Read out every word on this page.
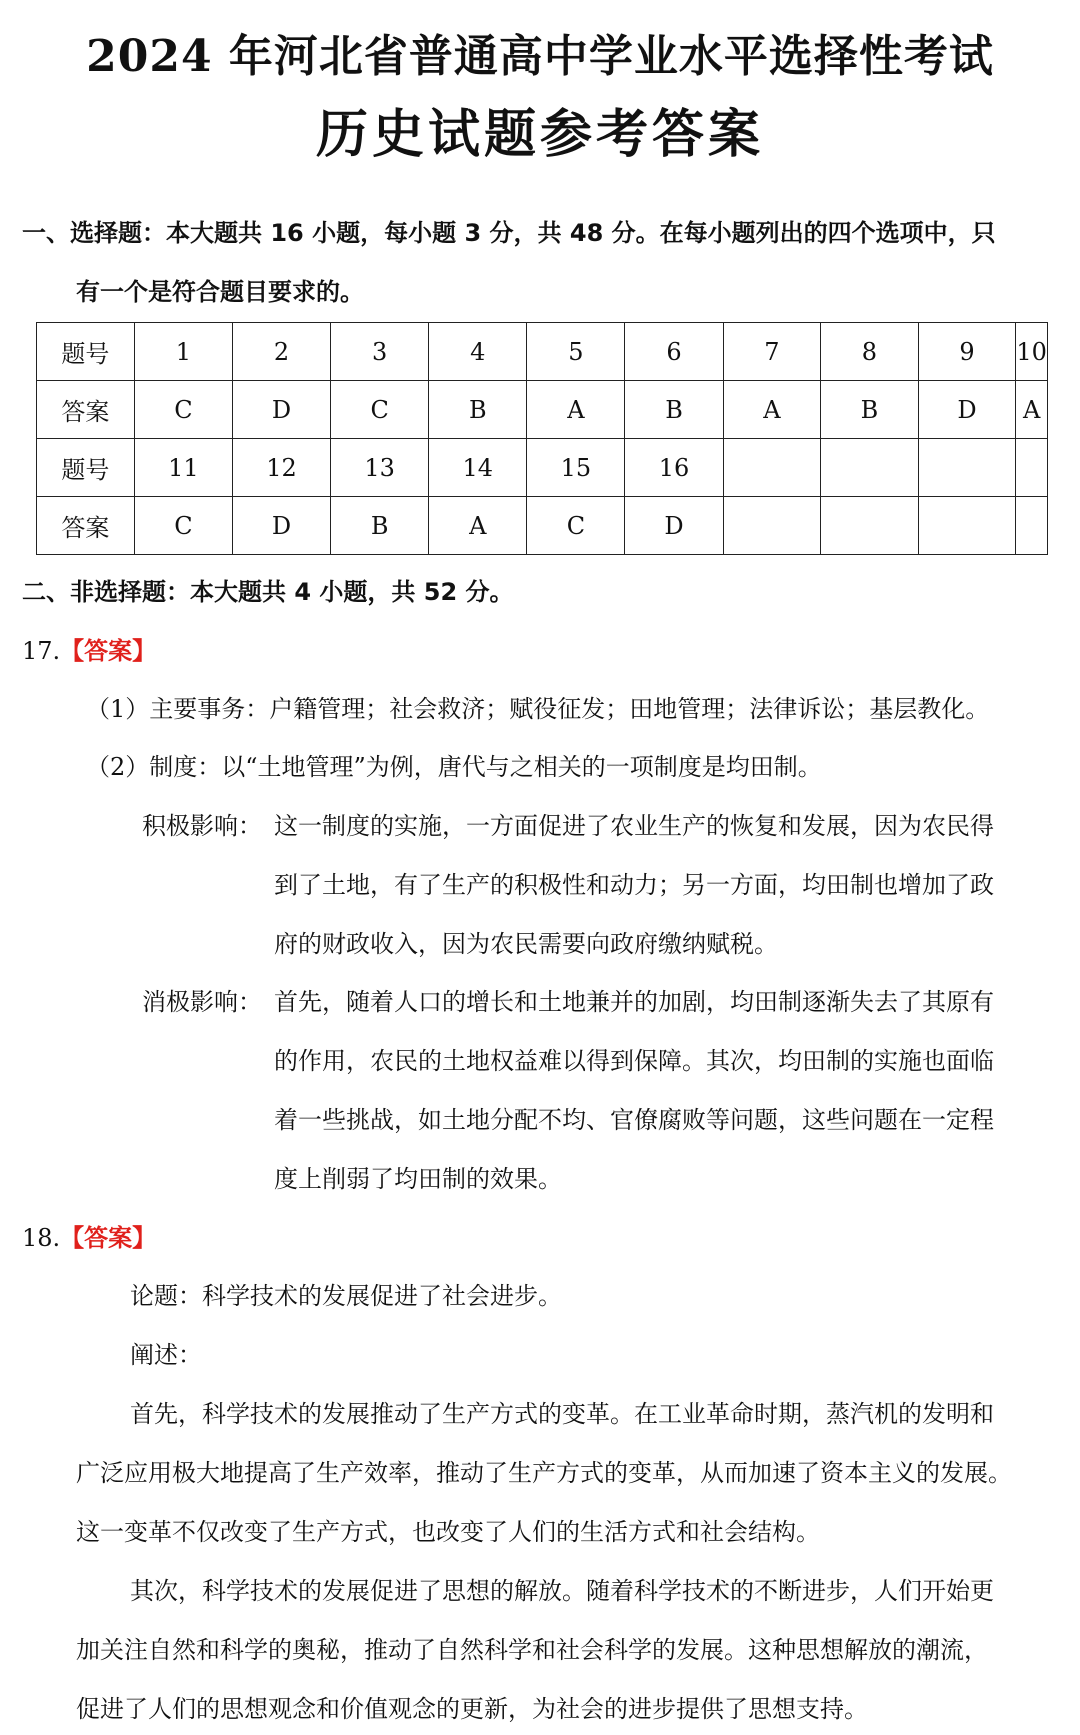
2024 年河北省普通高中学业水平选择性考试
历史试题参考答案
一、选择题：本大题共 16 小题，每小题 3 分，共 48 分。在每小题列出的四个选项中，只
有一个是符合题目要求的。
题号	1	2	3	4	5	6	7	8	9	10
答案	C	D	C	B	A	B	A	B	D	A
题号	11	12	13	14	15	16				
答案	C	D	B	A	C	D				
二、非选择题：本大题共 4 小题，共 52 分。
17.【答案】
（1）主要事务：户籍管理；社会救济；赋役征发；田地管理；法律诉讼；基层教化。
（2）制度：以“土地管理”为例，唐代与之相关的一项制度是均田制。
积极影响： 这一制度的实施，一方面促进了农业生产的恢复和发展，因为农民得
到了土地，有了生产的积极性和动力；另一方面，均田制也增加了政
府的财政收入，因为农民需要向政府缴纳赋税。
消极影响： 首先，随着人口的增长和土地兼并的加剧，均田制逐渐失去了其原有
的作用，农民的土地权益难以得到保障。其次，均田制的实施也面临
着一些挑战，如土地分配不均、官僚腐败等问题，这些问题在一定程
度上削弱了均田制的效果。
18.【答案】
论题：科学技术的发展促进了社会进步。
阐述：
首先，科学技术的发展推动了生产方式的变革。在工业革命时期，蒸汽机的发明和
广泛应用极大地提高了生产效率，推动了生产方式的变革，从而加速了资本主义的发展。
这一变革不仅改变了生产方式，也改变了人们的生活方式和社会结构。
其次，科学技术的发展促进了思想的解放。随着科学技术的不断进步，人们开始更
加关注自然和科学的奥秘，推动了自然科学和社会科学的发展。这种思想解放的潮流，
促进了人们的思想观念和价值观念的更新，为社会的进步提供了思想支持。
